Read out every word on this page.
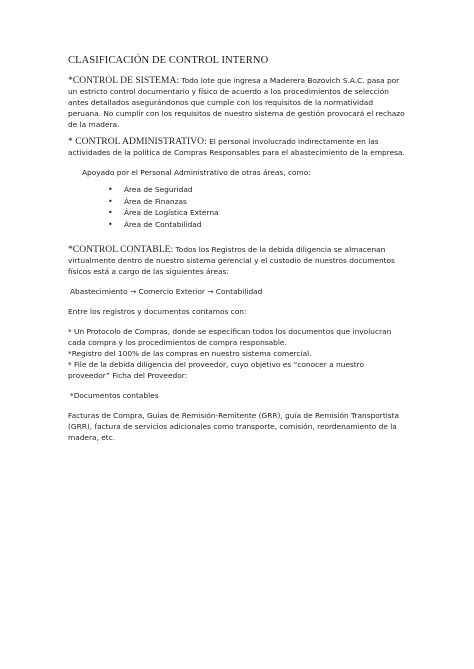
CLASIFICACIÓN DE CONTROL INTERNO

*CONTROL DE SISTEMA: Todo lote que ingresa a Maderera Bozovich S.A.C. pasa por un estricto control documentario y físico de acuerdo a los procedimientos de selección antes detallados asegurándonos que cumple con los requisitos de la normatividad peruana. No cumplir con los requisitos de nuestro sistema de gestión provocará el rechazo de la madera.

* CONTROL ADMINISTRATIVO: El personal involucrado indirectamente en las actividades de la política de Compras Responsables para el abastecimiento de la empresa.

Apoyado por el Personal Administrativo de otras áreas, como:

• Área de Seguridad
• Área de Finanzas
• Área de Logística Externa
• Área de Contabilidad

*CONTROL CONTABLE: Todos los Registros de la debida diligencia se almacenan virtualmente dentro de nuestro sistema gerencial y el custodio de nuestros documentos físicos está a cargo de las siguientes áreas:

Abastecimiento → Comercio Exterior → Contabilidad

Entre los registros y documentos contamos con:

* Un Protocolo de Compras, donde se especifican todos los documentos que involucran cada compra y los procedimientos de compra responsable.

*Registro del 100% de las compras en nuestro sistema comercial.

* File de la debida diligencia del proveedor, cuyo objetivo es “conocer a nuestro proveedor” Ficha del Proveedor:

*Documentos contables

Facturas de Compra, Guías de Remisión-Remitente (GRR), guía de Remisión Transportista (GRR), factura de servicios adicionales como transporte, comisión, reordenamiento de la madera, etc.
